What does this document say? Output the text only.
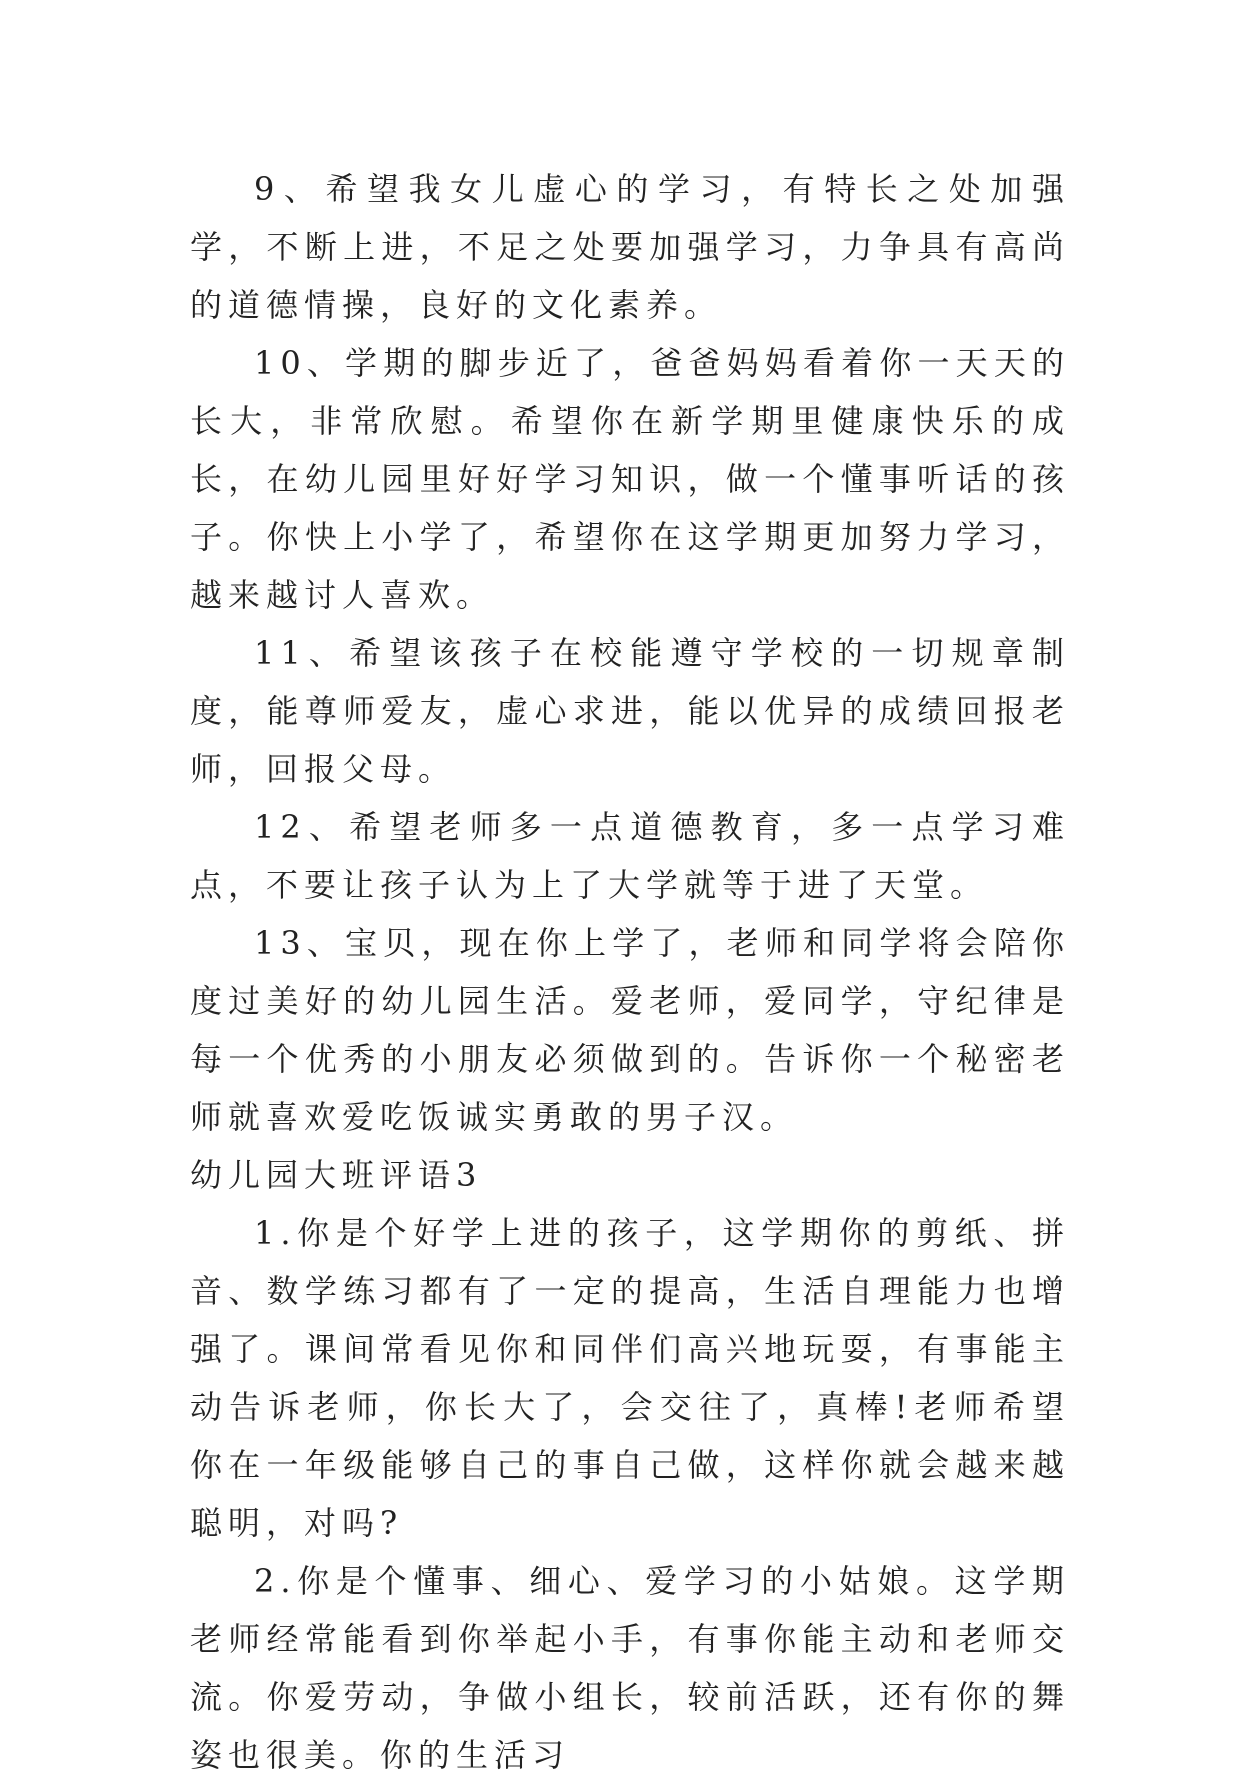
9、希望我女儿虚心的学习，有特长之处加强学，不断上进，不足之处要加强学习，力争具有高尚的道德情操，良好的文化素养。

10、学期的脚步近了，爸爸妈妈看着你一天天的长大，非常欣慰。希望你在新学期里健康快乐的成长，在幼儿园里好好学习知识，做一个懂事听话的孩子。你快上小学了，希望你在这学期更加努力学习，越来越讨人喜欢。

11、希望该孩子在校能遵守学校的一切规章制度，能尊师爱友，虚心求进，能以优异的成绩回报老师，回报父母。

12、希望老师多一点道德教育，多一点学习难点，不要让孩子认为上了大学就等于进了天堂。

13、宝贝，现在你上学了，老师和同学将会陪你度过美好的幼儿园生活。爱老师，爱同学，守纪律是每一个优秀的小朋友必须做到的。告诉你一个秘密老师就喜欢爱吃饭诚实勇敢的男子汉。

幼儿园大班评语3

1.你是个好学上进的孩子，这学期你的剪纸、拼音、数学练习都有了一定的提高，生活自理能力也增强了。课间常看见你和同伴们高兴地玩耍，有事能主动告诉老师，你长大了，会交往了，真棒!老师希望你在一年级能够自己的事自己做，这样你就会越来越聪明，对吗?

2.你是个懂事、细心、爱学习的小姑娘。这学期老师经常能看到你举起小手，有事你能主动和老师交流。你爱劳动，争做小组长，较前活跃，还有你的舞姿也很美。你的生活习
